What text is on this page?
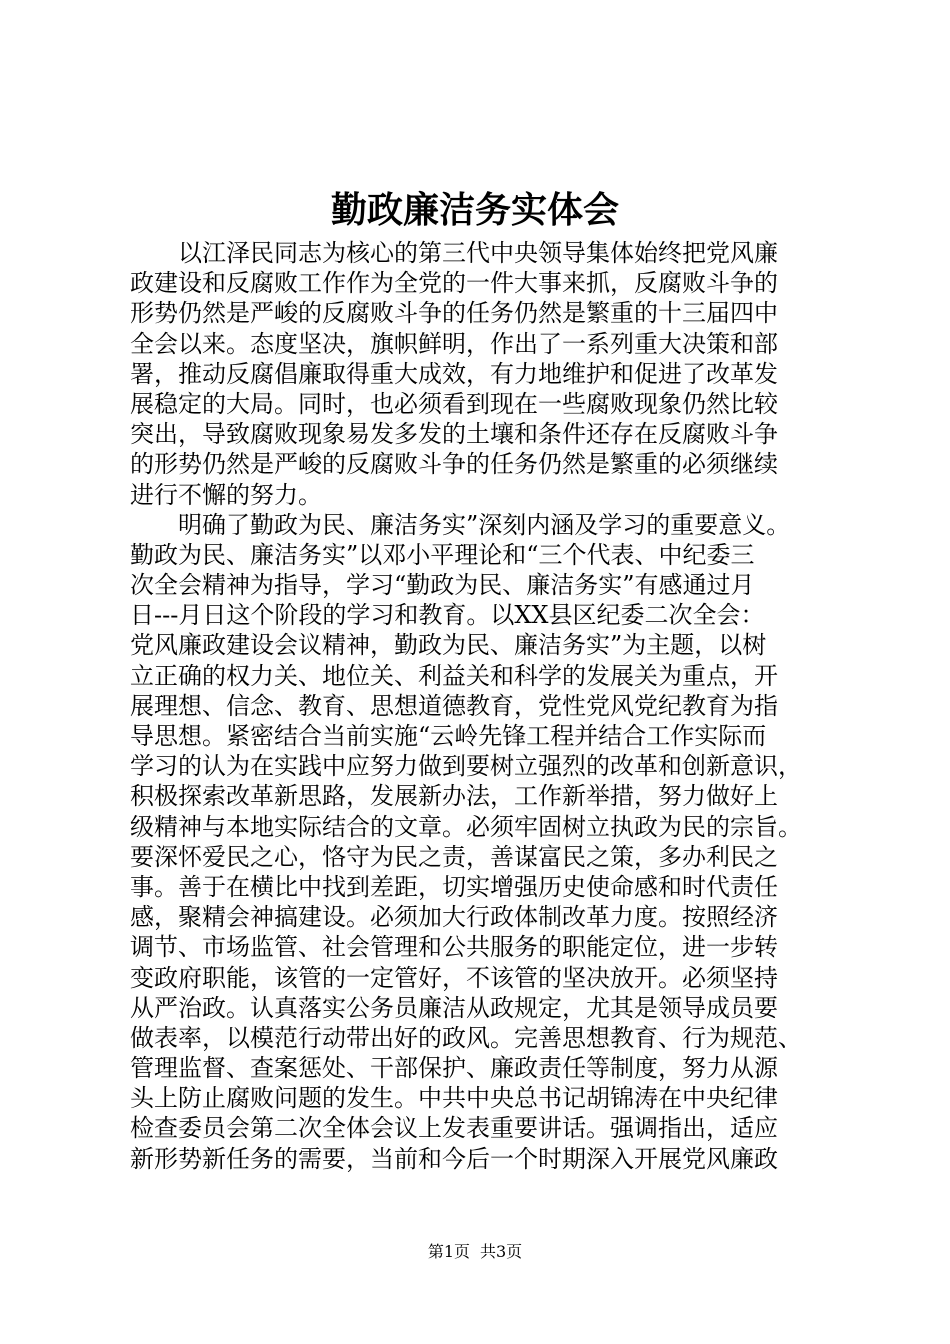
勤政廉洁务实体会
　　以江泽民同志为核心的第三代中央领导集体始终把党风廉
政建设和反腐败工作作为全党的一件大事来抓，反腐败斗争的
形势仍然是严峻的反腐败斗争的任务仍然是繁重的十三届四中
全会以来。态度坚决，旗帜鲜明，作出了一系列重大决策和部
署，推动反腐倡廉取得重大成效，有力地维护和促进了改革发
展稳定的大局。同时，也必须看到现在一些腐败现象仍然比较
突出，导致腐败现象易发多发的土壤和条件还存在反腐败斗争
的形势仍然是严峻的反腐败斗争的任务仍然是繁重的必须继续
进行不懈的努力。
　　明确了勤政为民、廉洁务实”深刻内涵及学习的重要意义。
勤政为民、廉洁务实”以邓小平理论和“三个代表、中纪委三
次全会精神为指导，学习“勤政为民、廉洁务实”有感通过月
日---月日这个阶段的学习和教育。以XX县区纪委二次全会：
党风廉政建设会议精神，勤政为民、廉洁务实”为主题，以树
立正确的权力关、地位关、利益关和科学的发展关为重点，开
展理想、信念、教育、思想道德教育，党性党风党纪教育为指
导思想。紧密结合当前实施“云岭先锋工程并结合工作实际而
学习的认为在实践中应努力做到要树立强烈的改革和创新意识，
积极探索改革新思路，发展新办法，工作新举措，努力做好上
级精神与本地实际结合的文章。必须牢固树立执政为民的宗旨。
要深怀爱民之心，恪守为民之责，善谋富民之策，多办利民之
事。善于在横比中找到差距，切实增强历史使命感和时代责任
感，聚精会神搞建设。必须加大行政体制改革力度。按照经济
调节、市场监管、社会管理和公共服务的职能定位，进一步转
变政府职能，该管的一定管好，不该管的坚决放开。必须坚持
从严治政。认真落实公务员廉洁从政规定，尤其是领导成员要
做表率，以模范行动带出好的政风。完善思想教育、行为规范、
管理监督、查案惩处、干部保护、廉政责任等制度，努力从源
头上防止腐败问题的发生。中共中央总书记胡锦涛在中央纪律
检查委员会第二次全体会议上发表重要讲话。强调指出，适应
新形势新任务的需要，当前和今后一个时期深入开展党风廉政
第1页 共3页
